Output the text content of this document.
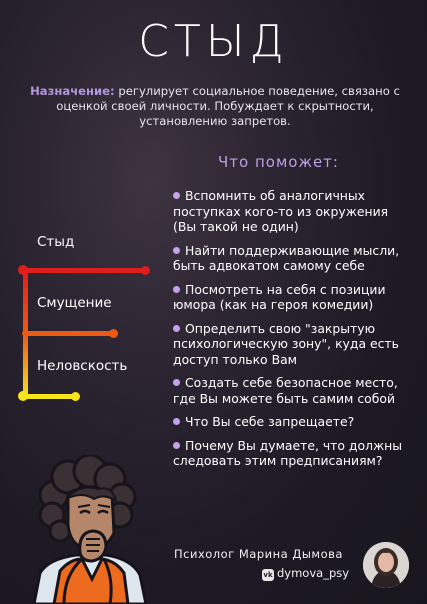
СТЫД
Назначение: регулирует социальное поведение, связано с оценкой своей личности. Побуждает к скрытности, установлению запретов.
Что поможет:
Вспомнить об аналогичных поступках кого-то из окружения (Вы такой не один)
Найти поддерживающие мысли, быть адвокатом самому себе
Посмотреть на себя с позиции юмора (как на героя комедии)
Определить свою "закрытую психологическую зону", куда есть доступ только Вам
Создать себе безопасное место, где Вы можете быть самим собой
Что Вы себе запрещаете?
Почему Вы думаете, что должны следовать этим предписаниям?
Стыд
Смущение
Неловскость
Психолог Марина Дымова
vk dymova_psy
